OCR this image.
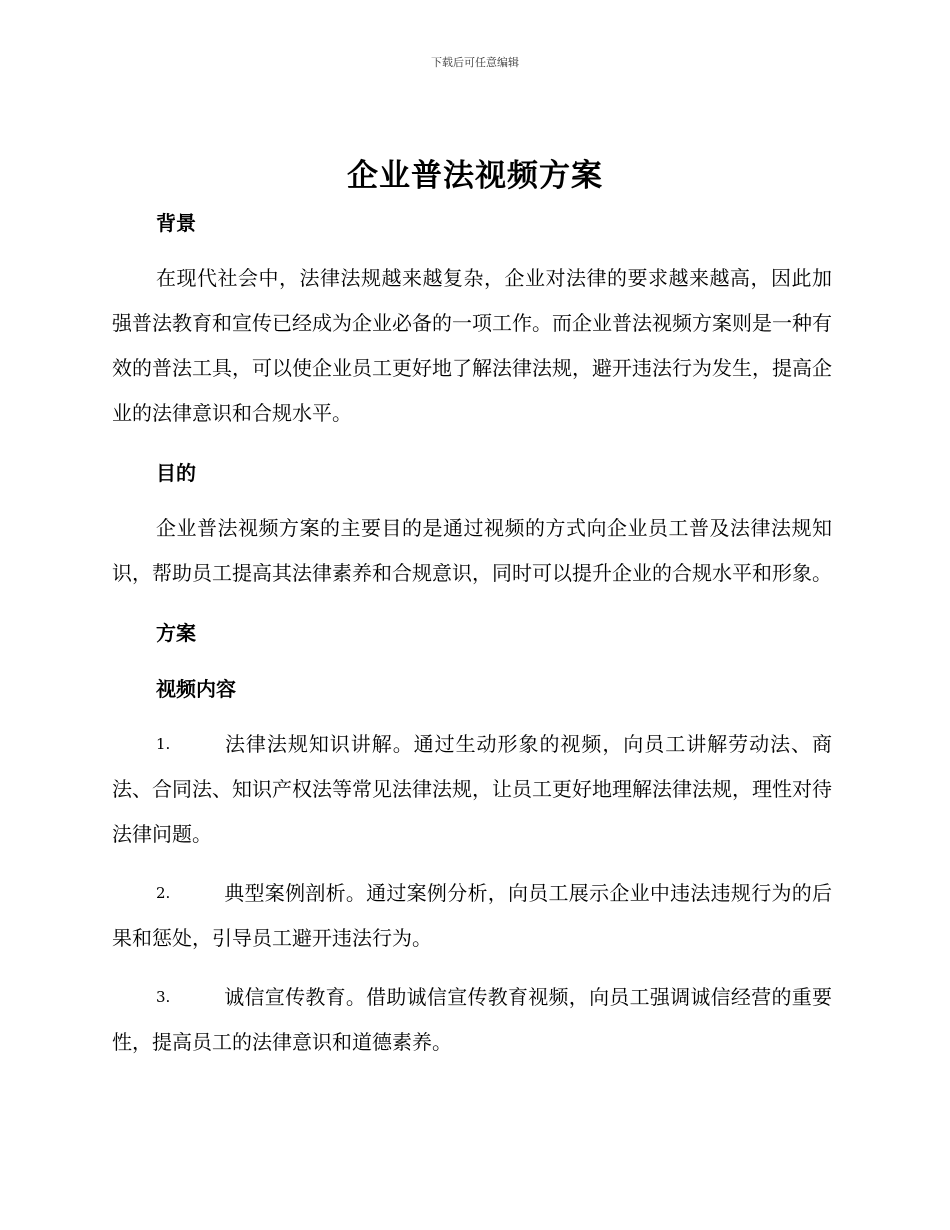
下载后可任意编辑
企业普法视频方案
背景

在现代社会中，法律法规越来越复杂，企业对法律的要求越来越高，因此加强普法教育和宣传已经成为企业必备的一项工作。而企业普法视频方案则是一种有效的普法工具，可以使企业员工更好地了解法律法规，避开违法行为发生，提高企业的法律意识和合规水平。

目的

企业普法视频方案的主要目的是通过视频的方式向企业员工普及法律法规知识，帮助员工提高其法律素养和合规意识，同时可以提升企业的合规水平和形象。

方案
视频内容

1.	法律法规知识讲解。通过生动形象的视频，向员工讲解劳动法、商法、合同法、知识产权法等常见法律法规，让员工更好地理解法律法规，理性对待法律问题。

2.	典型案例剖析。通过案例分析，向员工展示企业中违法违规行为的后果和惩处，引导员工避开违法行为。

3.	诚信宣传教育。借助诚信宣传教育视频，向员工强调诚信经营的重要性，提高员工的法律意识和道德素养。
